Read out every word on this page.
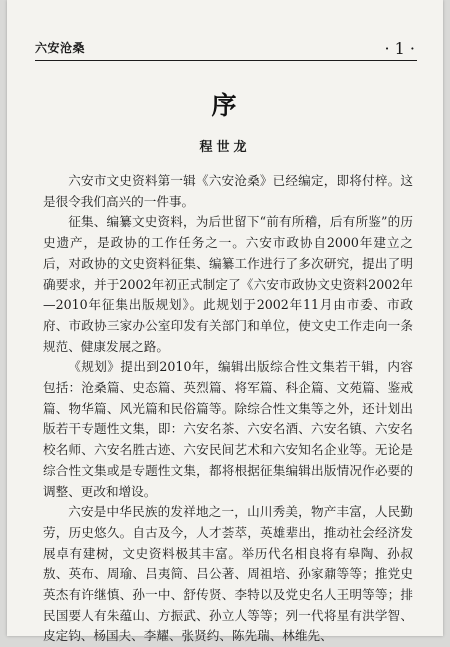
六安沧桑	· 1 ·
序
程世龙

六安市文史资料第一辑《六安沧桑》已经编定，即将付梓。这是很令我们高兴的一件事。

征集、编纂文史资料，为后世留下“前有所稽，后有所鉴”的历史遗产，是政协的工作任务之一。六安市政协自2000年建立之后，对政协的文史资料征集、编纂工作进行了多次研究，提出了明确要求，并于2002年初正式制定了《六安市政协文史资料2002年—2010年征集出版规划》。此规划于2002年11月由市委、市政府、市政协三家办公室印发有关部门和单位，使文史工作走向一条规范、健康发展之路。

《规划》提出到2010年，编辑出版综合性文集若干辑，内容包括：沧桑篇、史态篇、英烈篇、将军篇、科企篇、文苑篇、鉴戒篇、物华篇、风光篇和民俗篇等。除综合性文集等之外，还计划出版若干专题性文集，即：六安名茶、六安名酒、六安名镇、六安名校名师、六安名胜古迹、六安民间艺术和六安知名企业等。无论是综合性文集或是专题性文集，都将根据征集编辑出版情况作必要的调整、更改和增设。

六安是中华民族的发祥地之一，山川秀美，物产丰富，人民勤劳，历史悠久。自古及今，人才荟萃，英雄辈出，推动社会经济发展卓有建树，文史资料极其丰富。举历代名相良将有皋陶、孙叔敖、英布、周瑜、吕夷简、吕公著、周祖培、孙家鼐等等；推党史英杰有许继慎、孙一中、舒传贤、李特以及党史名人王明等等；排民国要人有朱蕴山、方振武、孙立人等等；列一代将星有洪学智、皮定钧、杨国夫、李耀、张贤约、陈先瑞、林维先、
